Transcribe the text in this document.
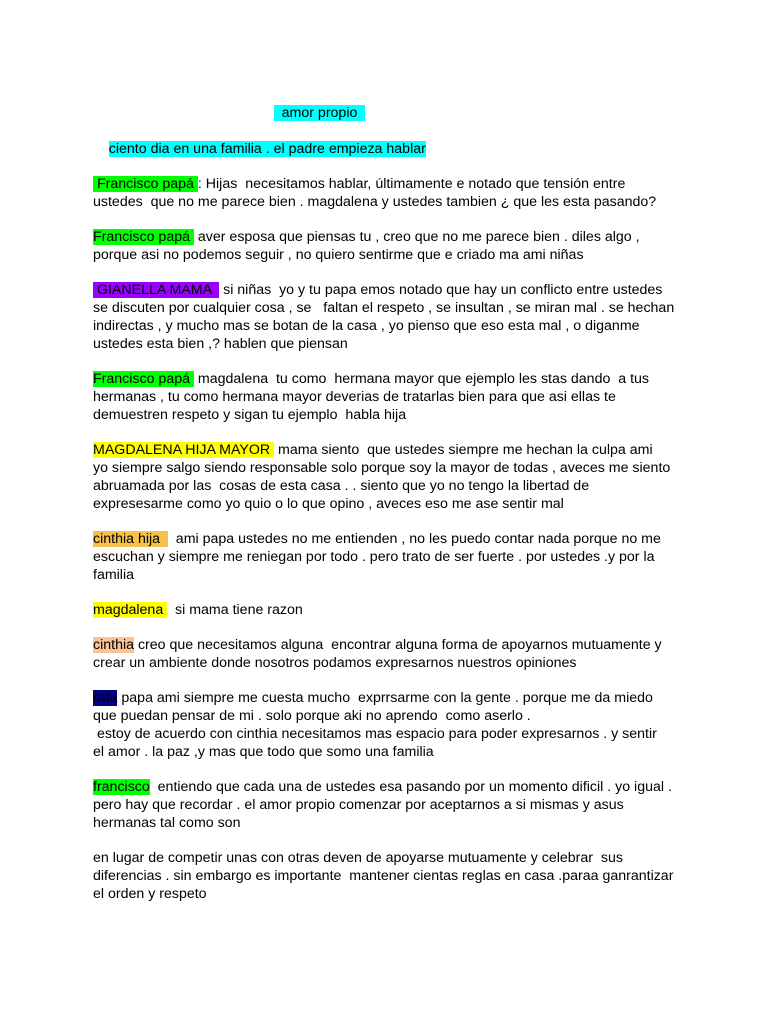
amor propio

ciento dia en una familia . el padre empieza hablar

Francisco papá : Hijas  necesitamos hablar, últimamente e notado que tensión entre
ustedes  que no me parece bien . magdalena y ustedes tambien ¿ que les esta pasando?
Francisco papá  aver esposa que piensas tu , creo que no me parece bien . diles algo ,
porque asi no podemos seguir , no quiero sentirme que e criado ma ami niñas
GIANELLA MAMA   si niñas  yo y tu papa emos notado que hay un conflicto entre ustedes
se discuten por cualquier cosa , se   faltan el respeto , se insultan , se miran mal . se hechan
indirectas , y mucho mas se botan de la casa , yo pienso que eso esta mal , o diganme
ustedes esta bien ,? hablen que piensan
Francisco papá  magdalena  tu como  hermana mayor que ejemplo les stas dando  a tus
hermanas , tu como hermana mayor deverias de tratarlas bien para que asi ellas te
demuestren respeto y sigan tu ejemplo  habla hija
MAGDALENA HIJA MAYOR  mama siento  que ustedes siempre me hechan la culpa ami
yo siempre salgo siendo responsable solo porque soy la mayor de todas , aveces me siento
abruamada por las  cosas de esta casa . . siento que yo no tengo la libertad de
expresesarme como yo quio o lo que opino , aveces eso me ase sentir mal
cinthia hija    ami papa ustedes no me entienden , no les puedo contar nada porque no me
escuchan y siempre me reniegan por todo . pero trato de ser fuerte . por ustedes .y por la
familia
magdalena   si mama tiene razon
cinthia creo que necesitamos alguna  encontrar alguna forma de apoyarnos mutuamente y
crear un ambiente donde nosotros podamos expresarnos nuestros opiniones
rafa papa ami siempre me cuesta mucho  exprrsarme con la gente . porque me da miedo
que puedan pensar de mi . solo porque aki no aprendo  como aserlo .
estoy de acuerdo con cinthia necesitamos mas espacio para poder expresarnos . y sentir
el amor . la paz ,y mas que todo que somo una familia
francisco  entiendo que cada una de ustedes esa pasando por un momento dificil . yo igual .
pero hay que recordar . el amor propio comenzar por aceptarnos a si mismas y asus
hermanas tal como son
en lugar de competir unas con otras deven de apoyarse mutuamente y celebrar  sus
diferencias . sin embargo es importante  mantener cientas reglas en casa .paraa ganrantizar
el orden y respeto
